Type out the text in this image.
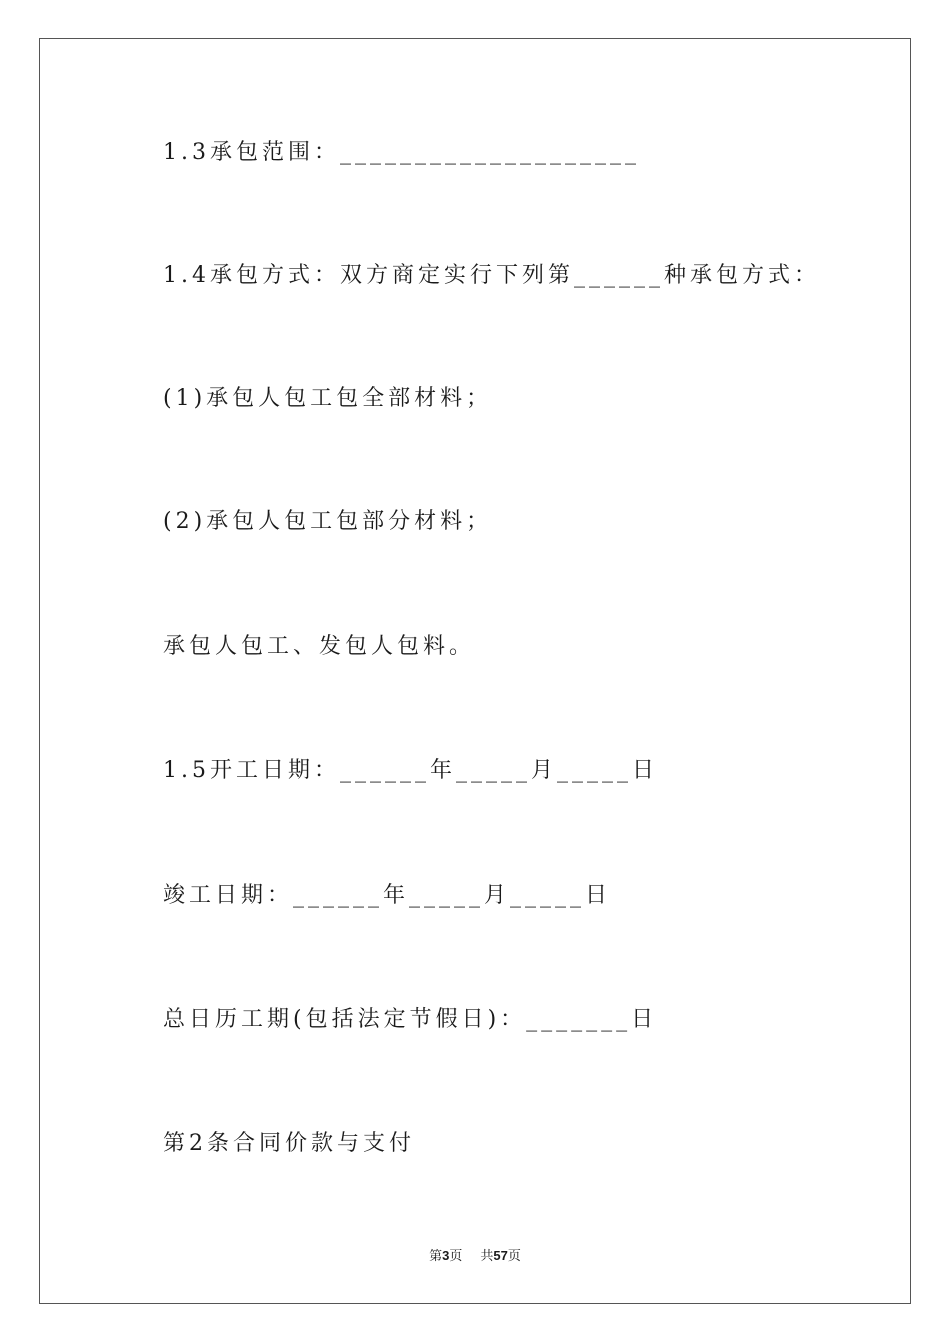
1.3承包范围：____________________
1.4承包方式：双方商定实行下列第______种承包方式：
(1)承包人包工包全部材料；
(2)承包人包工包部分材料；
承包人包工、发包人包料。
1.5开工日期：______年_____月_____日
竣工日期：______年_____月_____日
总日历工期(包括法定节假日)：_______日
第2条合同价款与支付
第3页 共57页
